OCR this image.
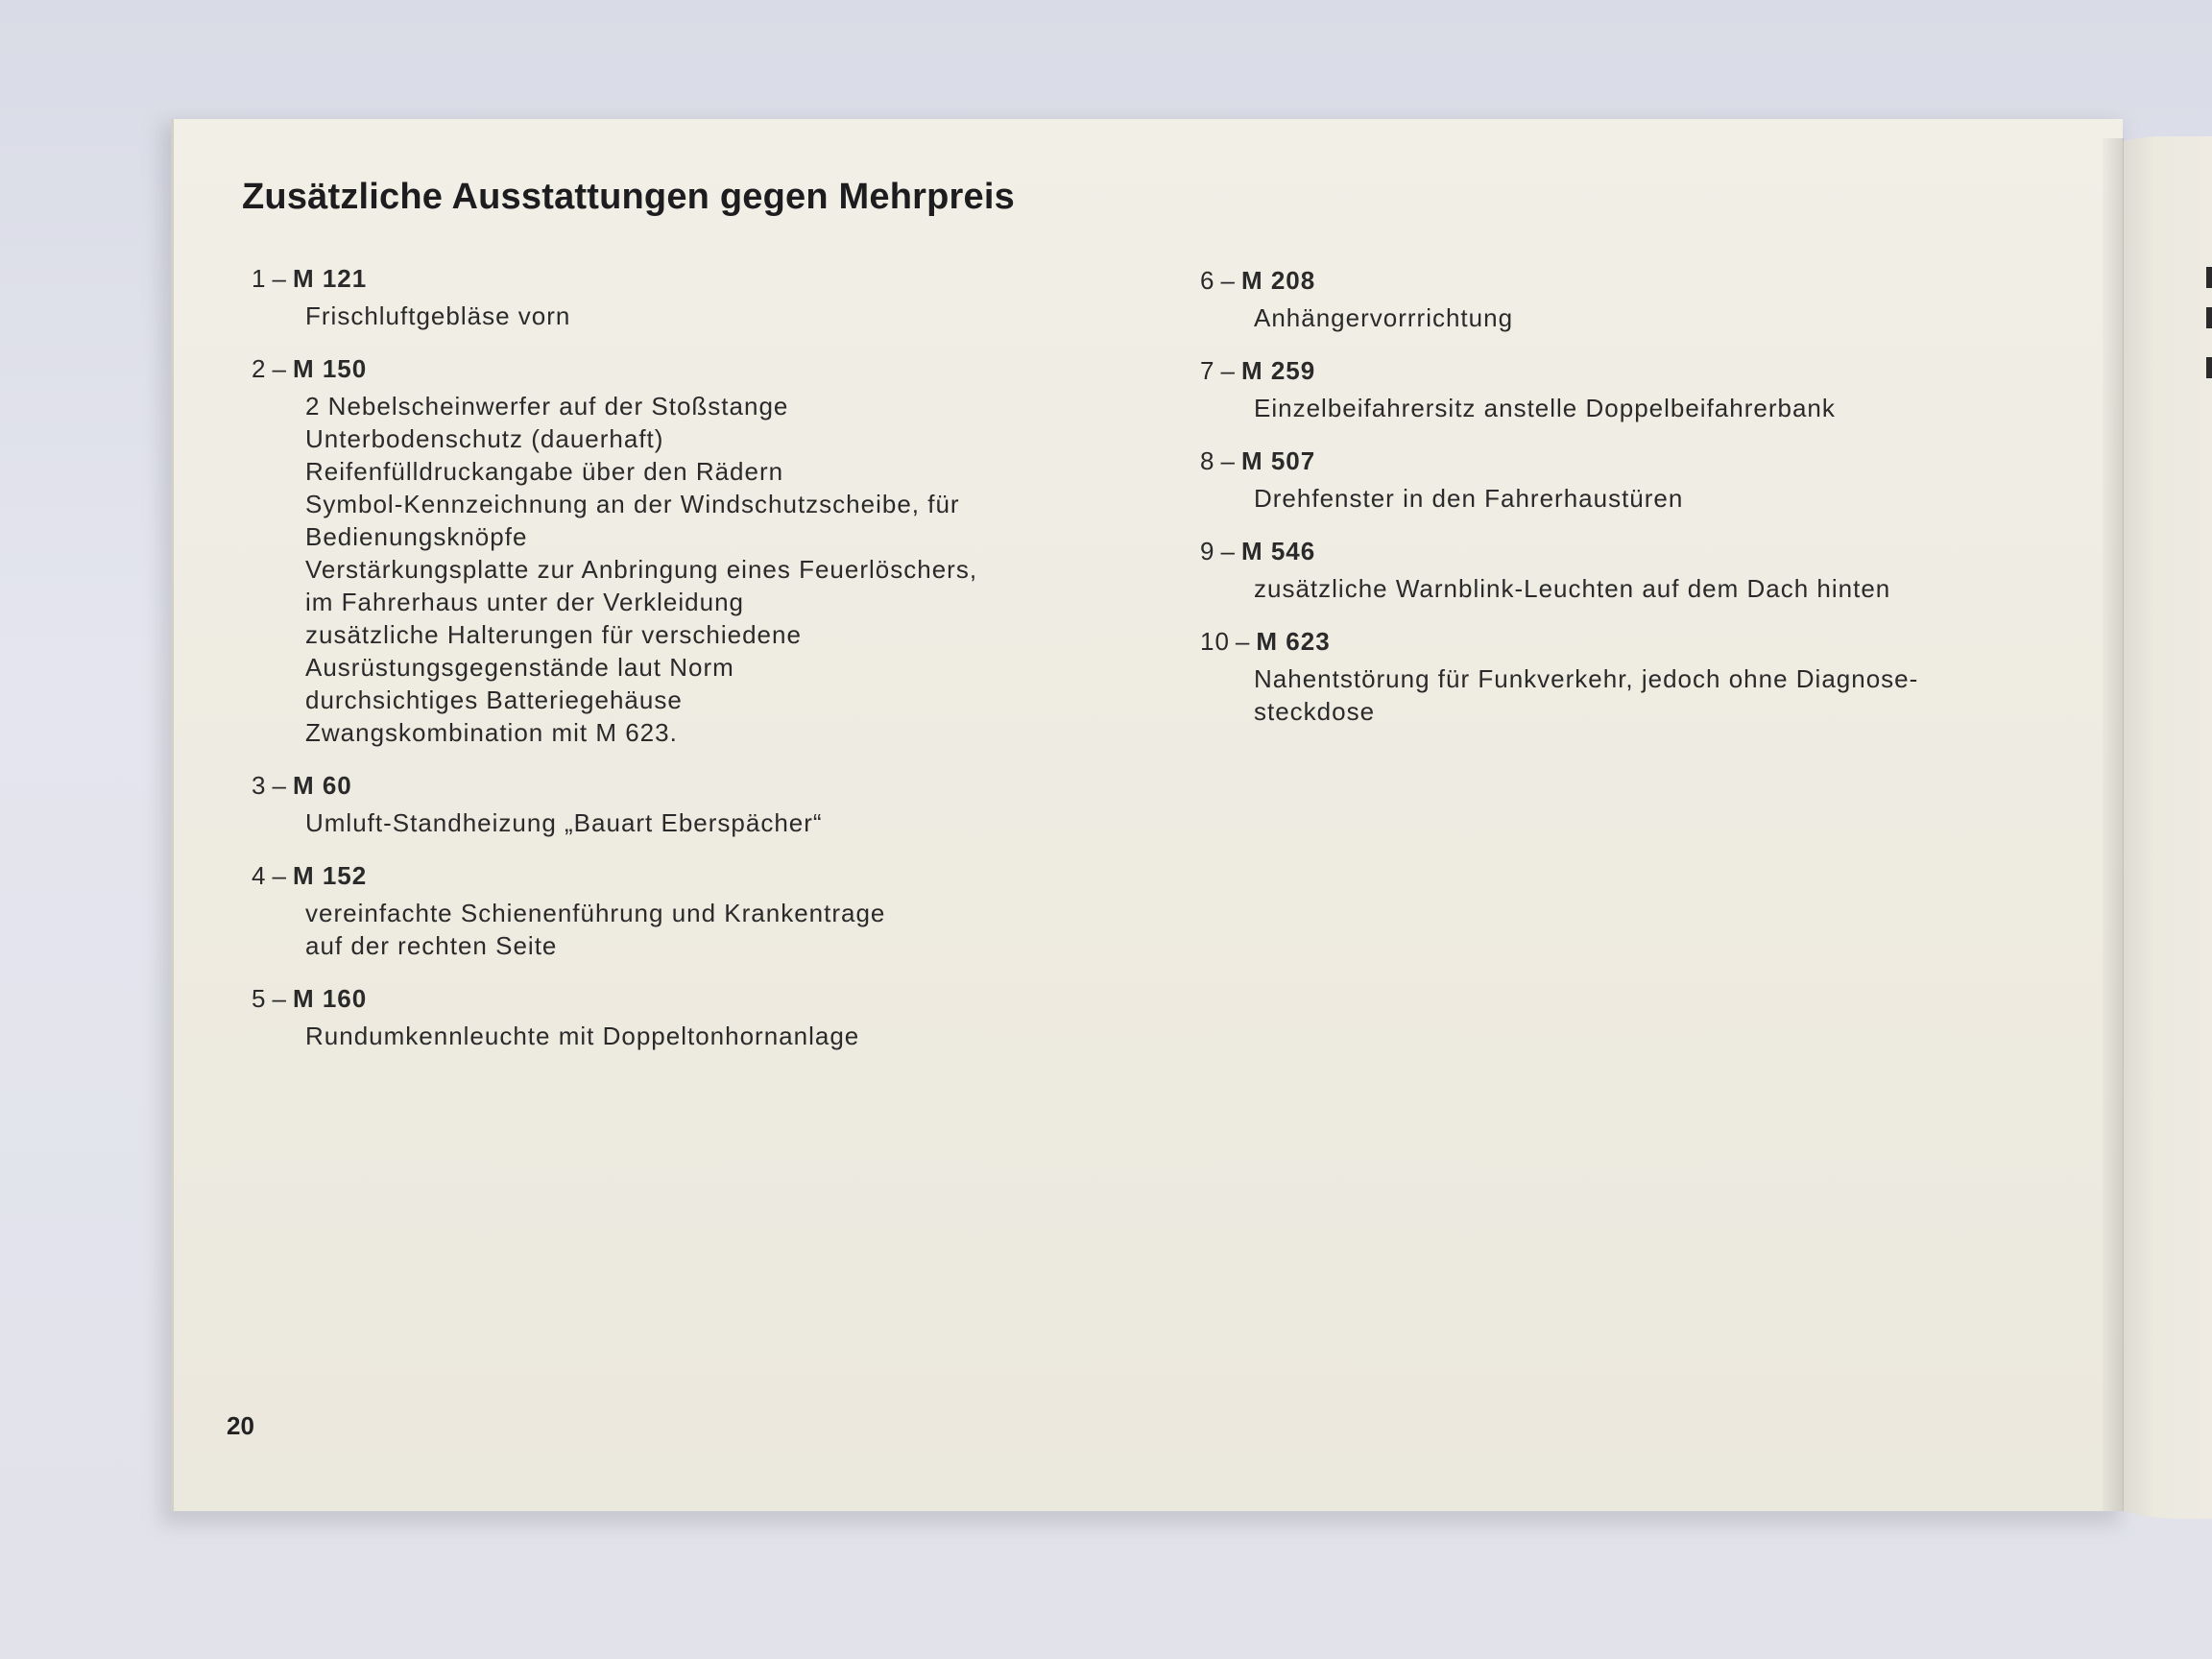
Zusätzliche Ausstattungen gegen Mehrpreis
1 – M 121
Frischluftgebläse vorn
2 – M 150
2 Nebelscheinwerfer auf der Stoßstange
Unterbodenschutz (dauerhaft)
Reifenfülldruckangabe über den Rädern
Symbol-Kennzeichnung an der Windschutzscheibe, für
Bedienungsknöpfe
Verstärkungsplatte zur Anbringung eines Feuerlöschers,
im Fahrerhaus unter der Verkleidung
zusätzliche Halterungen für verschiedene
Ausrüstungsgegenstände laut Norm
durchsichtiges Batteriegehäuse
Zwangskombination mit M 623.
3 – M 60
Umluft-Standheizung „Bauart Eberspächer“
4 – M 152
vereinfachte Schienenführung und Krankentrage
auf der rechten Seite
5 – M 160
Rundumkennleuchte mit Doppeltonhornanlage
6 – M 208
Anhängervorrrichtung
7 – M 259
Einzelbeifahrersitz anstelle Doppelbeifahrerbank
8 – M 507
Drehfenster in den Fahrerhaustüren
9 – M 546
zusätzliche Warnblink-Leuchten auf dem Dach hinten
10 – M 623
Nahentstörung für Funkverkehr, jedoch ohne Diagnose-
steckdose
20
